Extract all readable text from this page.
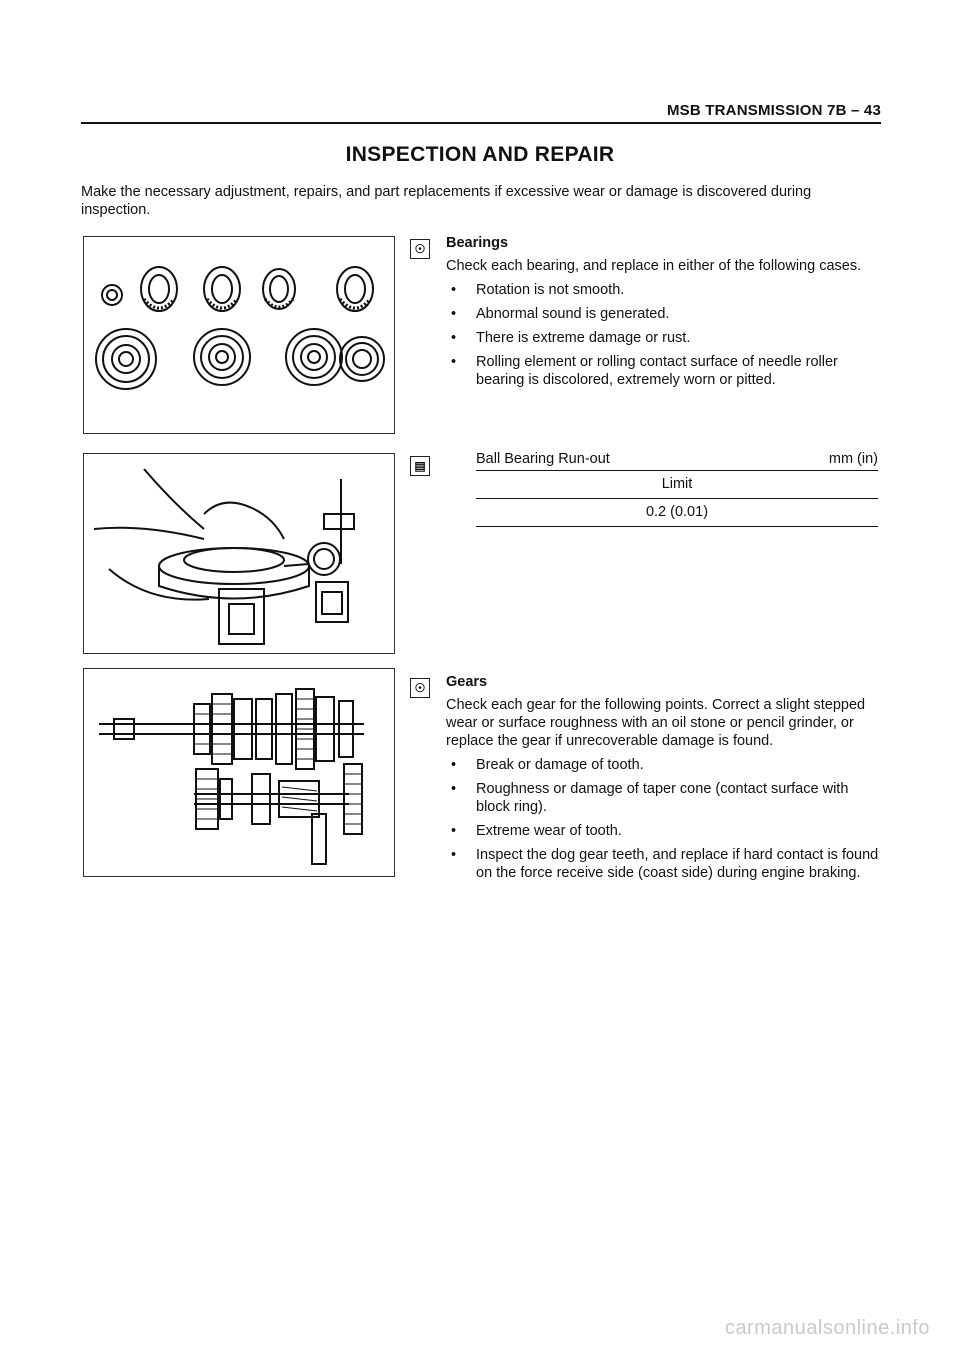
MSB TRANSMISSION 7B – 43
INSPECTION AND REPAIR
Make the necessary adjustment, repairs, and part replacements if excessive wear or damage is discovered during inspection.
☉ Bearings
Check each bearing, and replace in either of the following cases.
• Rotation is not smooth.
• Abnormal sound is generated.
• There is extreme damage or rust.
• Rolling element or rolling contact surface of needle roller bearing is discolored, extremely worn or pitted.
▤	Ball Bearing Run-out	mm (in)
Limit
0.2 (0.01)
☉ Gears
Check each gear for the following points. Correct a slight stepped wear or surface roughness with an oil stone or pencil grinder, or replace the gear if unrecoverable damage is found.
• Break or damage of tooth.
• Roughness or damage of taper cone (contact surface with block ring).
• Extreme wear of tooth.
• Inspect the dog gear teeth, and replace if hard contact is found on the force receive side (coast side) during engine braking.
carmanualsonline.info
